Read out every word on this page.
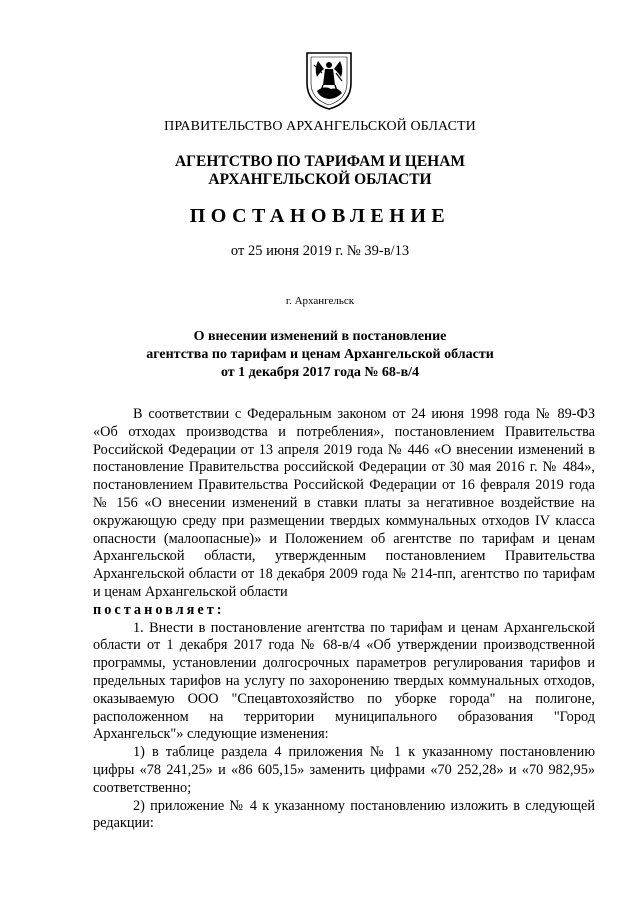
ПРАВИТЕЛЬСТВО АРХАНГЕЛЬСКОЙ ОБЛАСТИ
АГЕНТСТВО ПО ТАРИФАМ И ЦЕНАМ
АРХАНГЕЛЬСКОЙ ОБЛАСТИ
ПОСТАНОВЛЕНИЕ
от 25 июня 2019 г. № 39-в/13
г. Архангельск
О внесении изменений в постановление
агентства по тарифам и ценам Архангельской области
от 1 декабря 2017 года № 68-в/4

В соответствии с Федеральным законом от 24 июня 1998 года № 89-ФЗ «Об отходах производства и потребления», постановлением Правительства Российской Федерации от 13 апреля 2019 года № 446 «О внесении изменений в постановление Правительства российской Федерации от 30 мая 2016 г. № 484», постановлением Правительства Российской Федерации от 16 февраля 2019 года № 156 «О внесении изменений в ставки платы за негативное воздействие на окружающую среду при размещении твердых коммунальных отходов IV класса опасности (малоопасные)» и Положением об агентстве по тарифам и ценам Архангельской области, утвержденным постановлением Правительства Архангельской области от 18 декабря 2009 года № 214-пп, агентство по тарифам и ценам Архангельской области

постановляет:

1. Внести в постановление агентства по тарифам и ценам Архангельской области от 1 декабря 2017 года № 68-в/4 «Об утверждении производственной программы, установлении долгосрочных параметров регулирования тарифов и предельных тарифов на услугу по захоронению твердых коммунальных отходов, оказываемую ООО "Спецавтохозяйство по уборке города" на полигоне, расположенном на территории муниципального образования "Город Архангельск"» следующие изменения:

1) в таблице раздела 4 приложения № 1 к указанному постановлению цифры «78 241,25» и «86 605,15» заменить цифрами «70 252,28» и «70 982,95» соответственно;

2) приложение № 4 к указанному постановлению изложить в следующей редакции:
